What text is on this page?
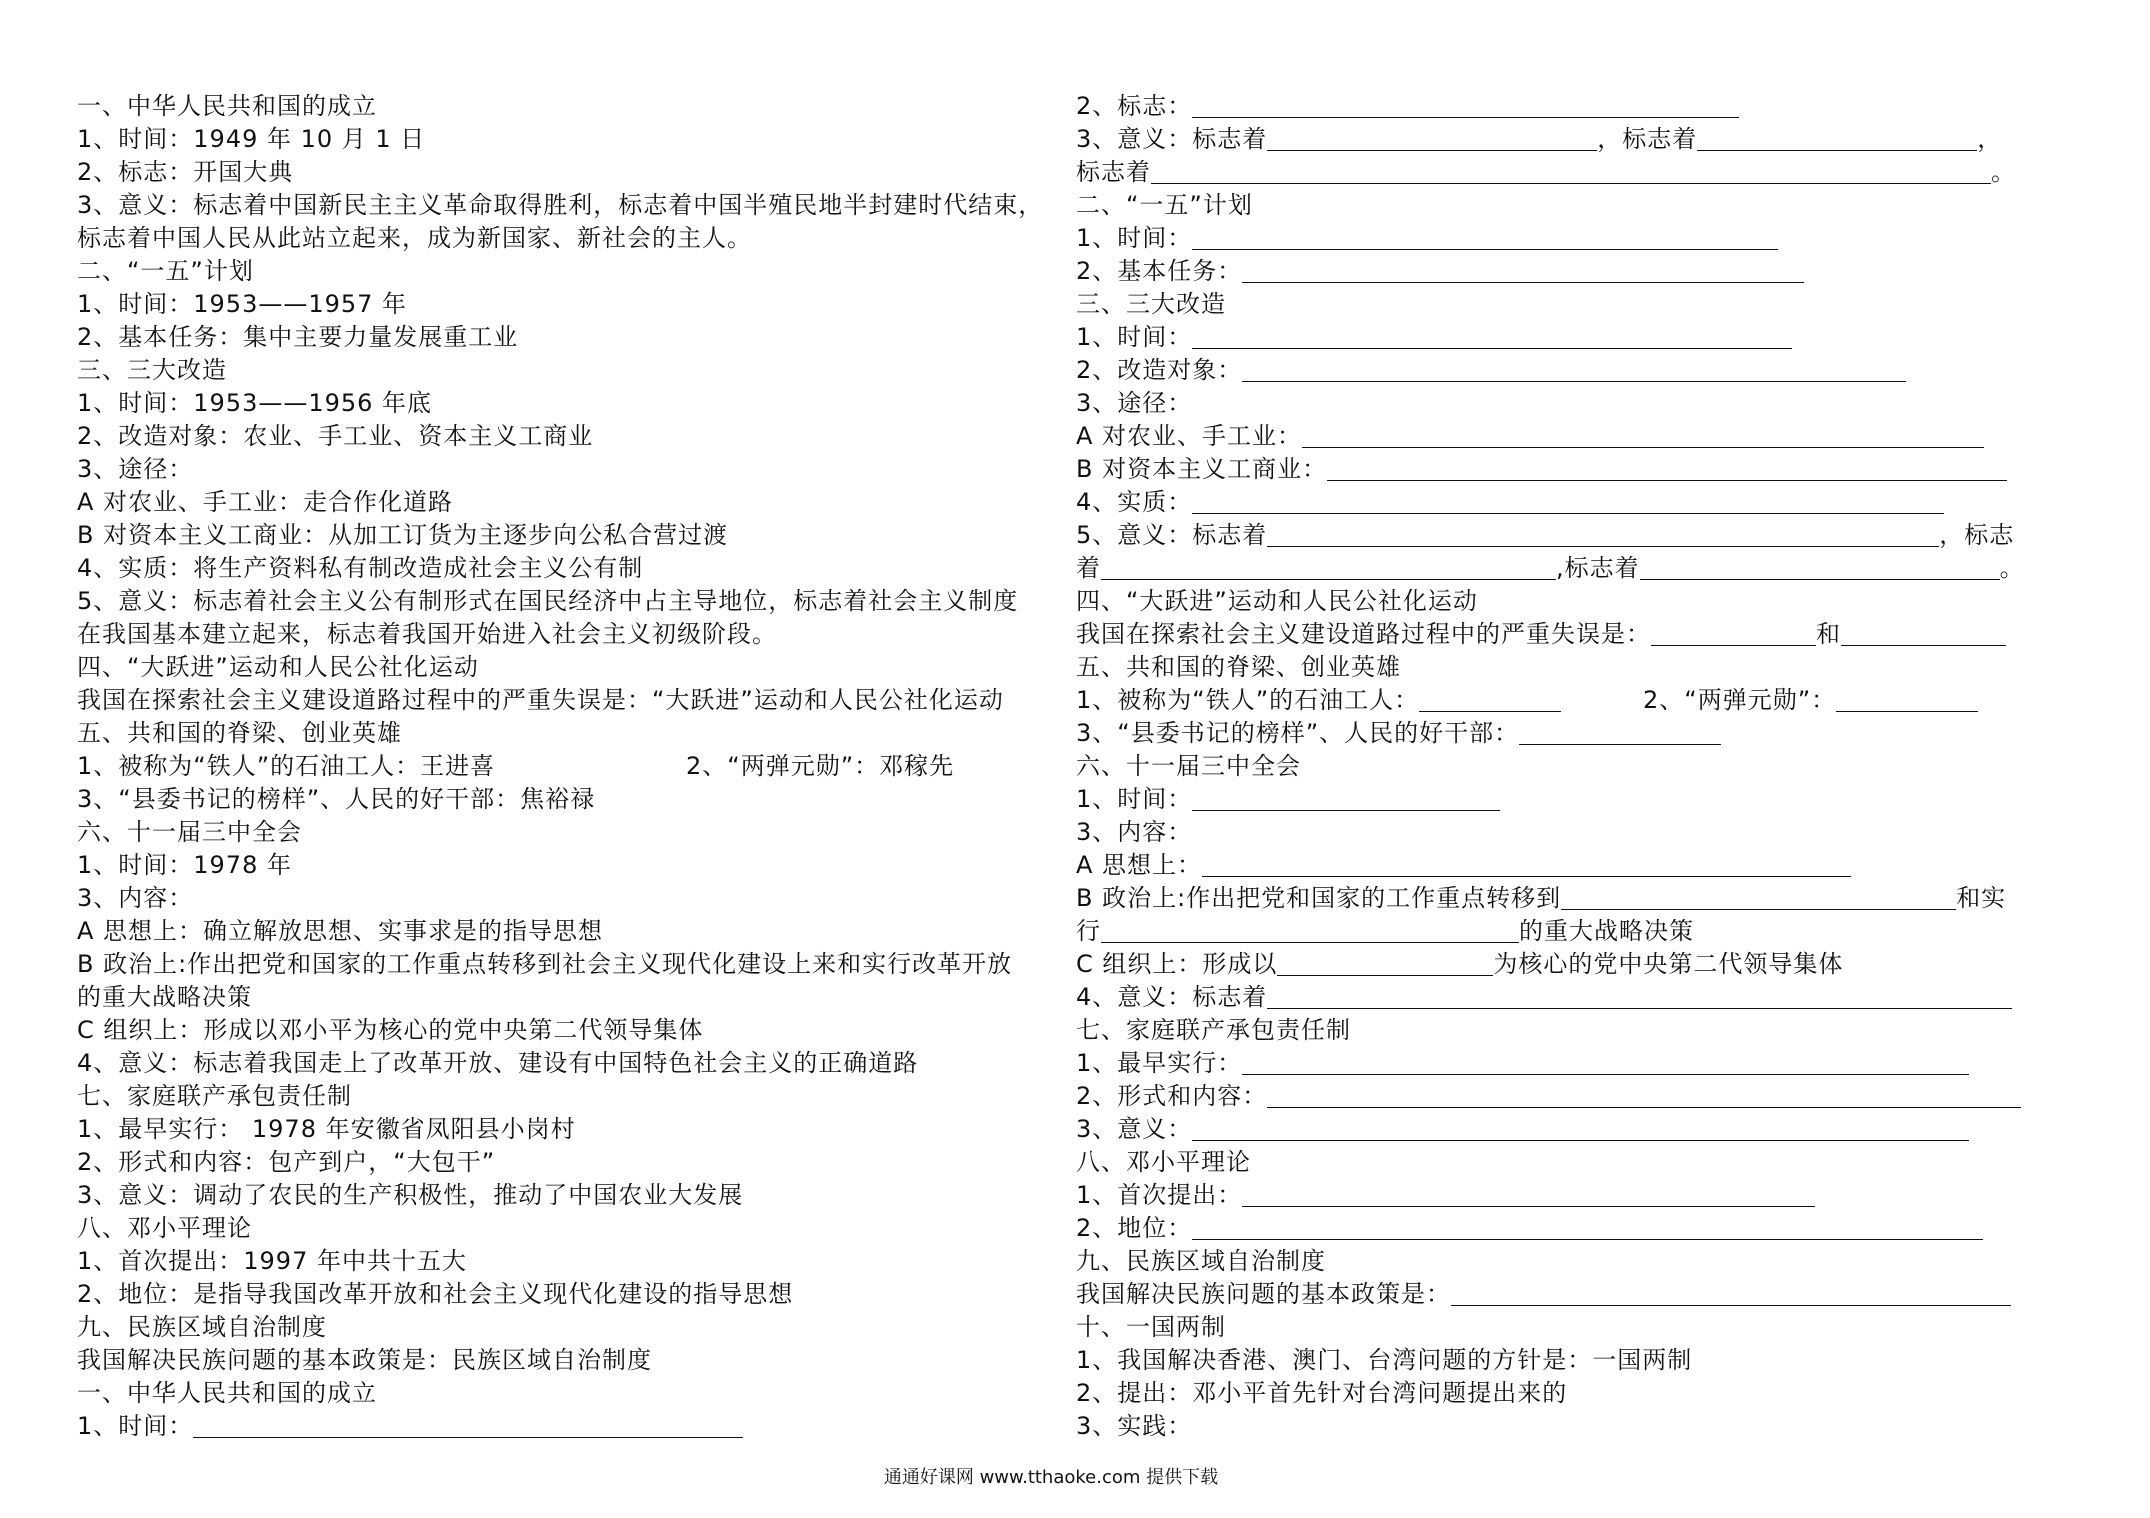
一、中华人民共和国的成立
1、时间：1949 年 10 月 1 日
2、标志：开国大典
3、意义：标志着中国新民主主义革命取得胜利，标志着中国半殖民地半封建时代结束，
标志着中国人民从此站立起来，成为新国家、新社会的主人。
二、“一五”计划
1、时间：1953——1957 年
2、基本任务：集中主要力量发展重工业
三、三大改造
1、时间：1953——1956 年底
2、改造对象：农业、手工业、资本主义工商业
3、途径：
A 对农业、手工业：走合作化道路
B 对资本主义工商业：从加工订货为主逐步向公私合营过渡
4、实质：将生产资料私有制改造成社会主义公有制
5、意义：标志着社会主义公有制形式在国民经济中占主导地位，标志着社会主义制度
在我国基本建立起来，标志着我国开始进入社会主义初级阶段。
四、“大跃进”运动和人民公社化运动
我国在探索社会主义建设道路过程中的严重失误是：“大跃进”运动和人民公社化运动
五、共和国的脊梁、创业英雄
1、被称为“铁人”的石油工人：王进喜	2、“两弹元勋”：邓稼先
3、“县委书记的榜样”、人民的好干部：焦裕禄
六、十一届三中全会
1、时间：1978 年
3、内容：
A 思想上：确立解放思想、实事求是的指导思想
B 政治上:作出把党和国家的工作重点转移到社会主义现代化建设上来和实行改革开放
的重大战略决策
C 组织上：形成以邓小平为核心的党中央第二代领导集体
4、意义：标志着我国走上了改革开放、建设有中国特色社会主义的正确道路
七、家庭联产承包责任制
1、最早实行： 1978 年安徽省凤阳县小岗村
2、形式和内容：包产到户，“大包干”
3、意义：调动了农民的生产积极性，推动了中国农业大发展
八、邓小平理论
1、首次提出：1997 年中共十五大
2、地位：是指导我国改革开放和社会主义现代化建设的指导思想
九、民族区域自治制度
我国解决民族问题的基本政策是：民族区域自治制度
一、中华人民共和国的成立
1、时间：
2、标志：
3、意义：标志着	，标志着	，
标志着	。
二、“一五”计划
1、时间：
2、基本任务：
三、三大改造
1、时间：
2、改造对象：
3、途径：
A 对农业、手工业：
B 对资本主义工商业：
4、实质：
5、意义：标志着	，标志
着	,标志着	。
四、“大跃进”运动和人民公社化运动
我国在探索社会主义建设道路过程中的严重失误是：	和
五、共和国的脊梁、创业英雄
1、被称为“铁人”的石油工人：	2、“两弹元勋”：
3、“县委书记的榜样”、人民的好干部：
六、十一届三中全会
1、时间：
3、内容：
A 思想上：
B 政治上:作出把党和国家的工作重点转移到	和实
行	的重大战略决策
C 组织上：形成以	为核心的党中央第二代领导集体
4、意义：标志着
七、家庭联产承包责任制
1、最早实行：
2、形式和内容：
3、意义：
八、邓小平理论
1、首次提出：
2、地位：
九、民族区域自治制度
我国解决民族问题的基本政策是：
十、一国两制
1、我国解决香港、澳门、台湾问题的方针是：一国两制
2、提出：邓小平首先针对台湾问题提出来的
3、实践：
通通好课网 www.tthaoke.com 提供下载
